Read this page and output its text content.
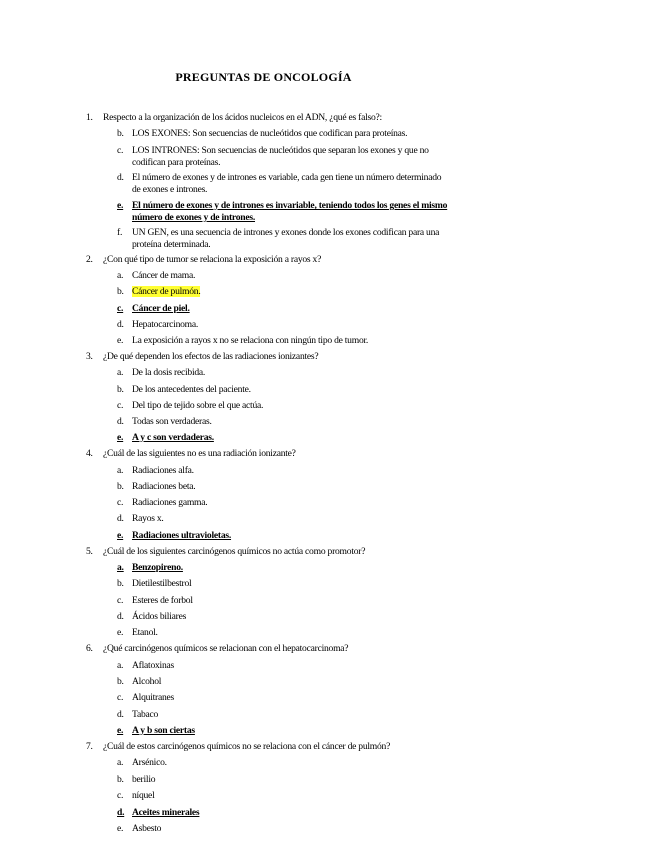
PREGUNTAS DE ONCOLOGÍA
1. Respecto a la organización de los ácidos nucleicos en el ADN, ¿qué es falso?:
b. LOS EXONES: Son secuencias de nucleótidos que codifican para proteínas.
c. LOS INTRONES: Son secuencias de nucleótidos que separan los exones y que no codifican para proteínas.
d. El número de exones y de intrones es variable, cada gen tiene un número determinado de exones e intrones.
e. El número de exones y de intrones es invariable, teniendo todos los genes el mismo número de exones y de intrones.
f. UN GEN, es una secuencia de intrones y exones donde los exones codifican para una proteína determinada.
2. ¿Con qué tipo de tumor se relaciona la exposición a rayos x?
a. Cáncer de mama.
b. Cáncer de pulmón.
c. Cáncer de piel.
d. Hepatocarcinoma.
e. La exposición a rayos x no se relaciona con ningún tipo de tumor.
3. ¿De qué dependen los efectos de las radiaciones ionizantes?
a. De la dosis recibida.
b. De los antecedentes del paciente.
c. Del tipo de tejido sobre el que actúa.
d. Todas son verdaderas.
e. A y c son verdaderas.
4. ¿Cuál de las siguientes no es una radiación ionizante?
a. Radiaciones alfa.
b. Radiaciones beta.
c. Radiaciones gamma.
d. Rayos x.
e. Radiaciones ultravioletas.
5. ¿Cuál de los siguientes carcinógenos químicos no actúa como promotor?
a. Benzopireno.
b. Dietilestilbestrol
c. Esteres de forbol
d. Ácidos biliares
e. Etanol.
6. ¿Qué carcinógenos químicos se relacionan con el hepatocarcinoma?
a. Aflatoxinas
b. Alcohol
c. Alquitranes
d. Tabaco
e. A y b son ciertas
7. ¿Cuál de estos carcinógenos químicos no se relaciona con el cáncer de pulmón?
a. Arsénico.
b. berilio
c. níquel
d. Aceites minerales
e. Asbesto
